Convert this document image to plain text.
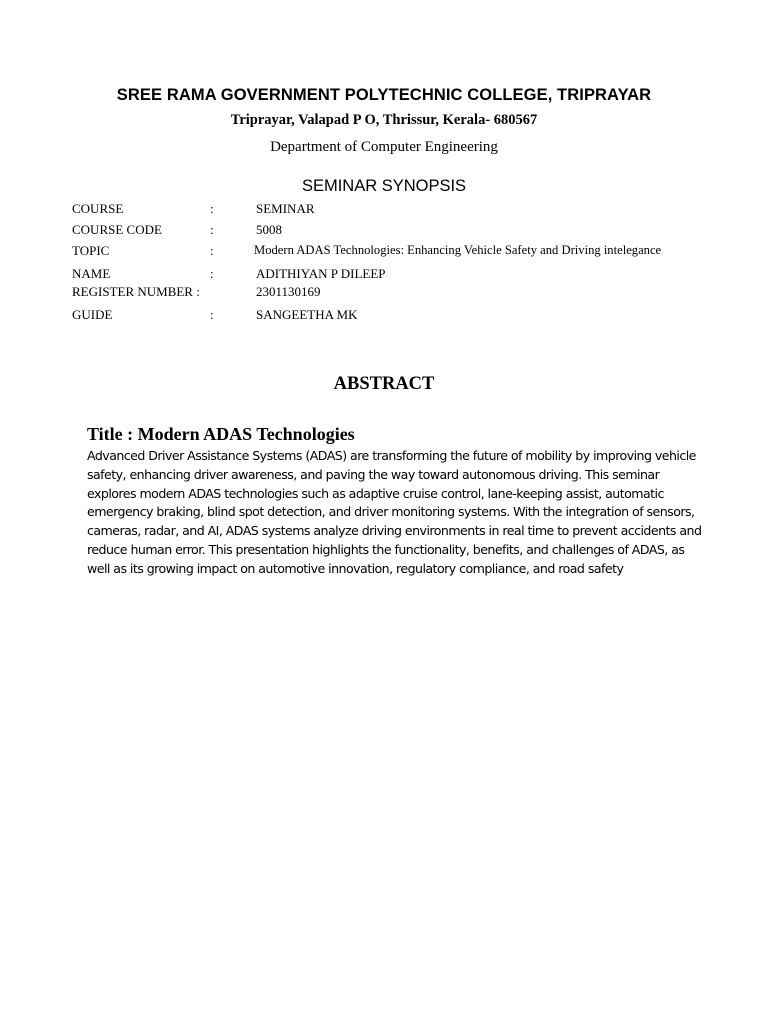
SREE RAMA GOVERNMENT POLYTECHNIC COLLEGE, TRIPRAYAR
Triprayar, Valapad P O, Thrissur, Kerala- 680567
Department of Computer Engineering
SEMINAR SYNOPSIS
COURSE	:	SEMINAR
COURSE CODE	:	5008
TOPIC	:	Modern ADAS Technologies: Enhancing Vehicle Safety and Driving intelegance
NAME	:	ADITHIYAN P DILEEP
REGISTER NUMBER :	2301130169
GUIDE	:	SANGEETHA MK
ABSTRACT
Title : Modern ADAS Technologies
Advanced Driver Assistance Systems (ADAS) are transforming the future of mobility by improving vehicle
safety, enhancing driver awareness, and paving the way toward autonomous driving. This seminar
explores modern ADAS technologies such as adaptive cruise control, lane-keeping assist, automatic
emergency braking, blind spot detection, and driver monitoring systems. With the integration of sensors,
cameras, radar, and AI, ADAS systems analyze driving environments in real time to prevent accidents and
reduce human error. This presentation highlights the functionality, benefits, and challenges of ADAS, as
well as its growing impact on automotive innovation, regulatory compliance, and road safety
